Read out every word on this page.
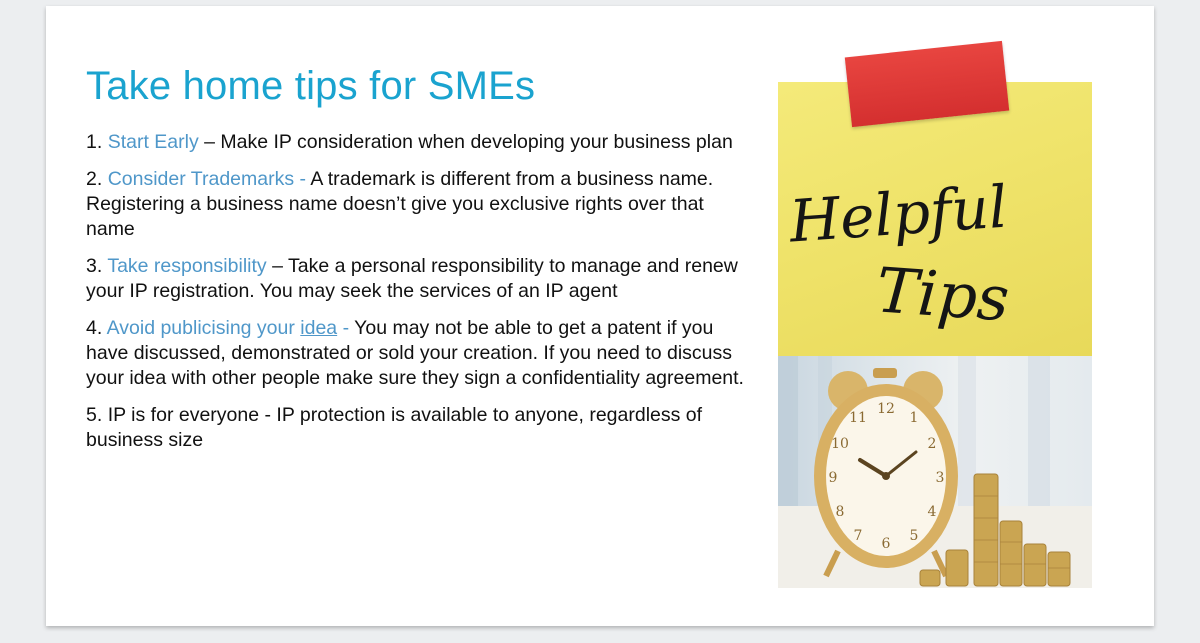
Take home tips for SMEs

1. Start Early – Make IP consideration when developing your business plan

2. Consider Trademarks - A trademark is different from a business name. Registering a business name doesn’t give you exclusive rights over that name

3. Take responsibility – Take a personal responsibility to manage and renew your IP registration. You may seek the services of an IP agent

4. Avoid publicising your idea - You may not be able to get a patent if you have discussed, demonstrated or sold your creation. If you need to discuss your idea with other people make sure they sign a confidentiality agreement.

5. IP is for everyone - IP protection is available to anyone, regardless of business size

Helpful
Tips
12
1
2
3
4
5
6
7
8
9
10
11
